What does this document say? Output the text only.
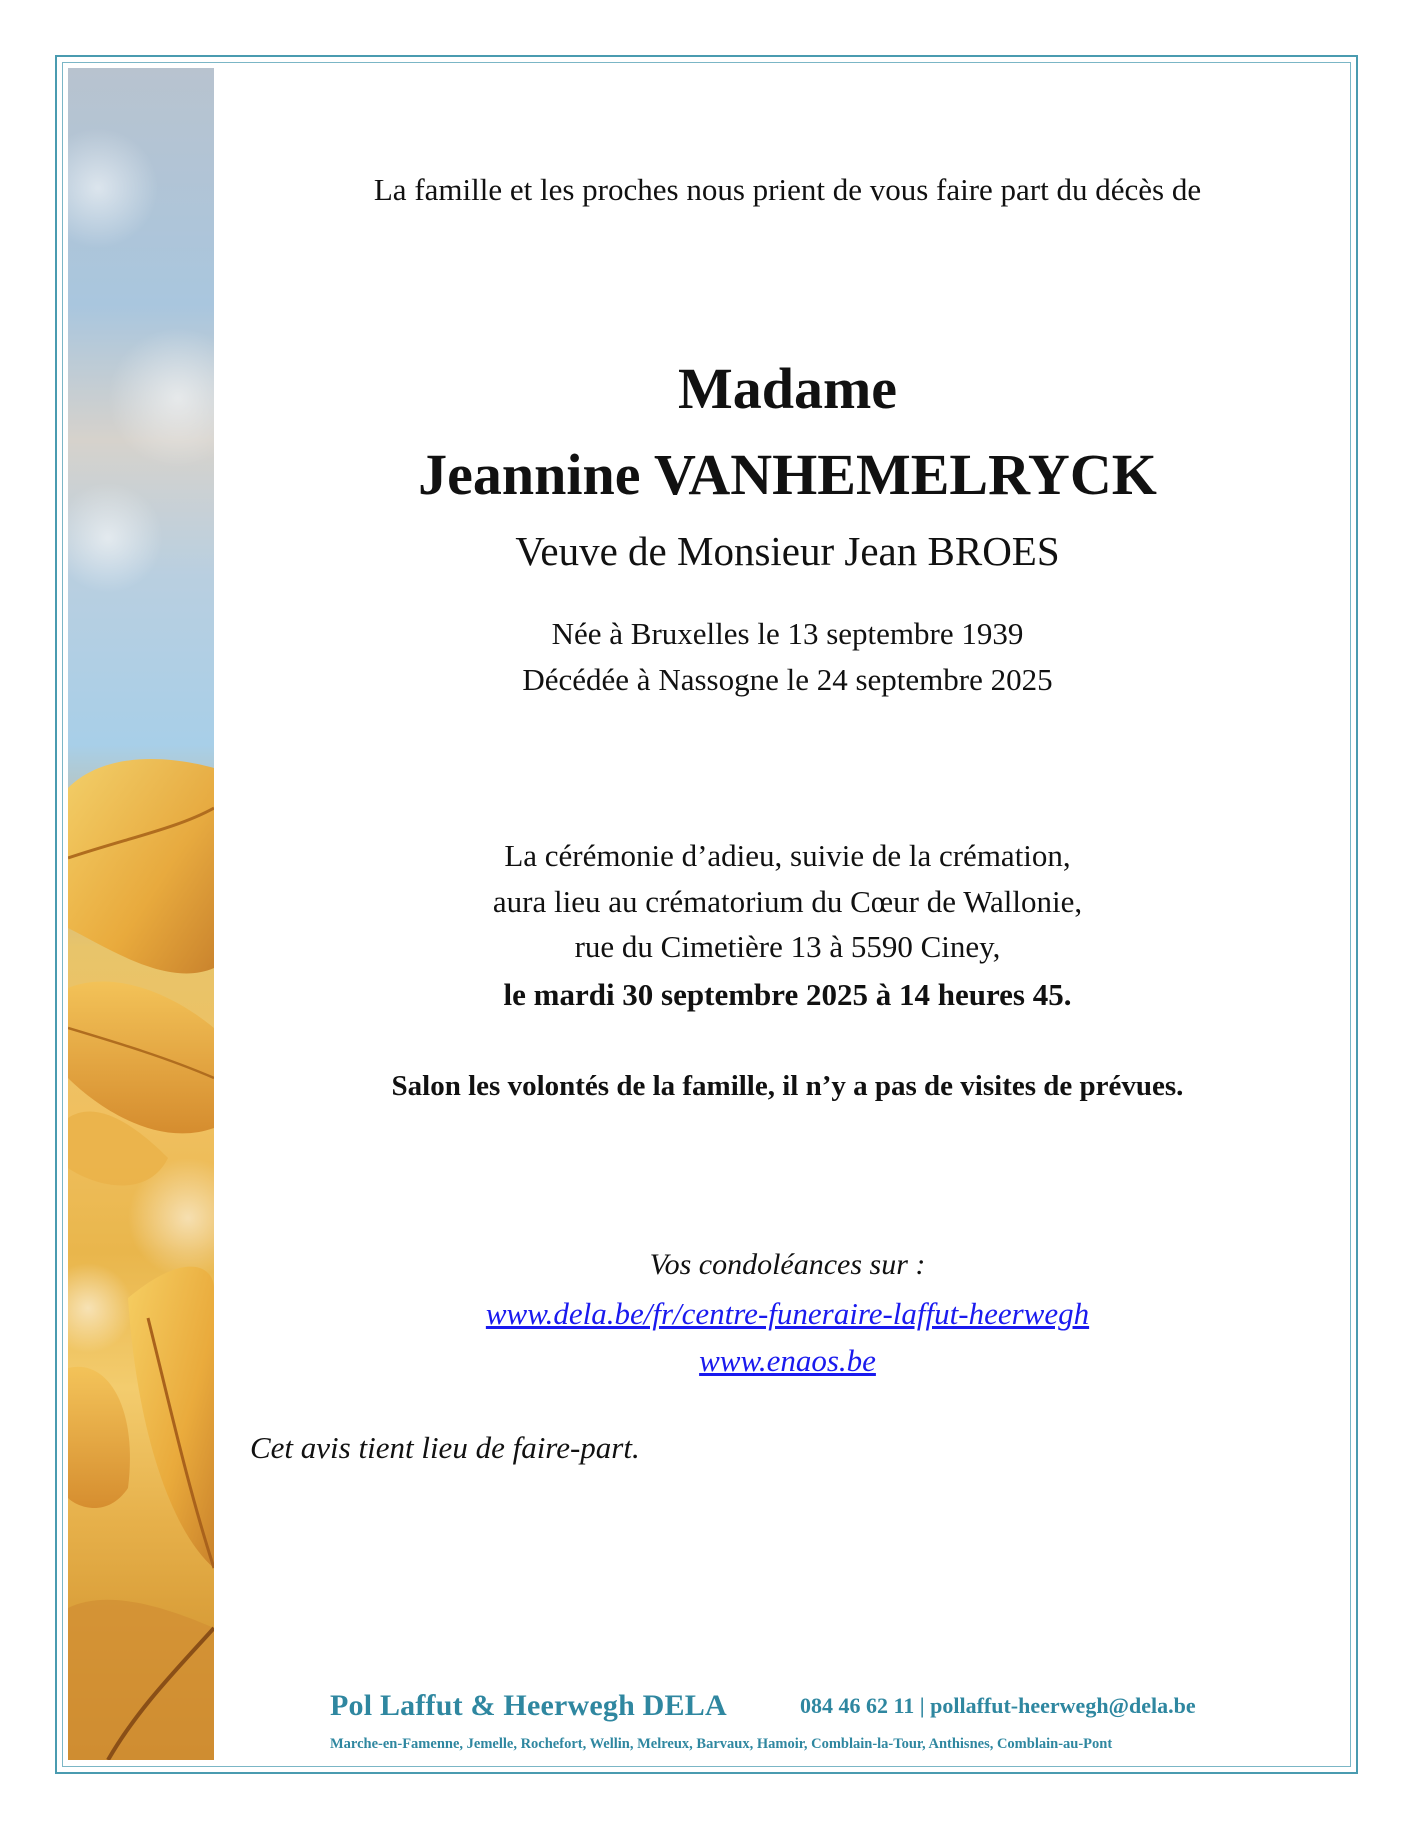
La famille et les proches nous prient de vous faire part du décès de
Madame
Jeannine VANHEMELRYCK
Veuve de Monsieur Jean BROES
Née à Bruxelles le 13 septembre 1939
Décédée à Nassogne le 24 septembre 2025
La cérémonie d’adieu, suivie de la crémation,
aura lieu au crématorium du Cœur de Wallonie,
rue du Cimetière 13 à 5590 Ciney,
le mardi 30 septembre 2025 à 14 heures 45.
Salon les volontés de la famille, il n’y a pas de visites de prévues.
Vos condoléances sur :
www.dela.be/fr/centre-funeraire-laffut-heerwegh
www.enaos.be
Cet avis tient lieu de faire-part.
Pol Laffut & Heerwegh DELA	084 46 62 11 | pollaffut-heerwegh@dela.be
Marche-en-Famenne, Jemelle, Rochefort, Wellin, Melreux, Barvaux, Hamoir, Comblain-la-Tour, Anthisnes, Comblain-au-Pont
